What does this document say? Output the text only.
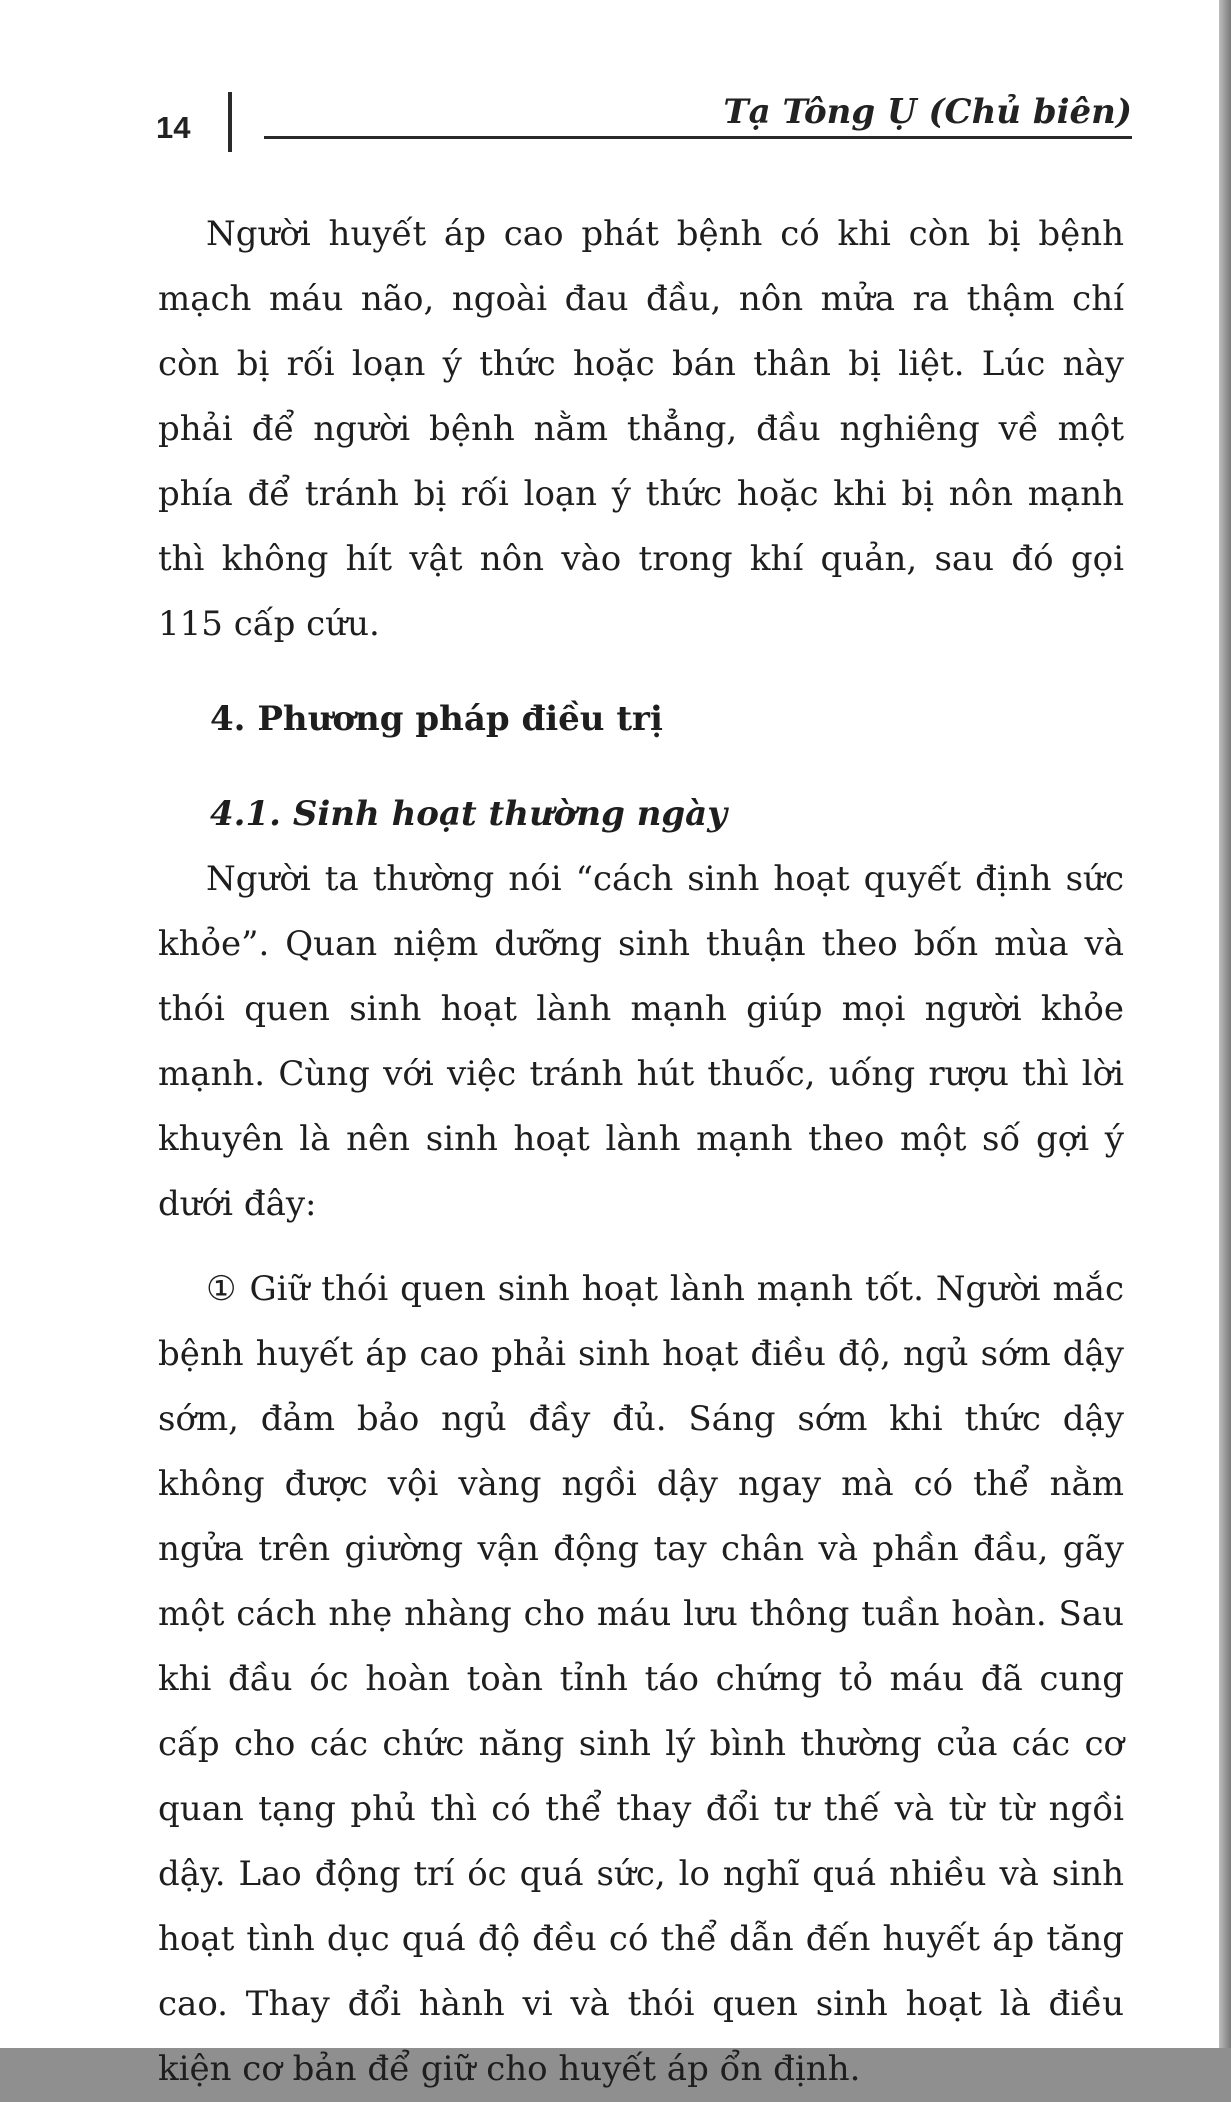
14	Tạ Tông Ụ (Chủ biên)

Người huyết áp cao phát bệnh có khi còn bị bệnh mạch máu não, ngoài đau đầu, nôn mửa ra thậm chí còn bị rối loạn ý thức hoặc bán thân bị liệt. Lúc này phải để người bệnh nằm thẳng, đầu nghiêng về một phía để tránh bị rối loạn ý thức hoặc khi bị nôn mạnh thì không hít vật nôn vào trong khí quản, sau đó gọi 115 cấp cứu.

4. Phương pháp điều trị
4.1. Sinh hoạt thường ngày

Người ta thường nói “cách sinh hoạt quyết định sức khỏe”. Quan niệm dưỡng sinh thuận theo bốn mùa và thói quen sinh hoạt lành mạnh giúp mọi người khỏe mạnh. Cùng với việc tránh hút thuốc, uống rượu thì lời khuyên là nên sinh hoạt lành mạnh theo một số gợi ý dưới đây:

① Giữ thói quen sinh hoạt lành mạnh tốt. Người mắc bệnh huyết áp cao phải sinh hoạt điều độ, ngủ sớm dậy sớm, đảm bảo ngủ đầy đủ. Sáng sớm khi thức dậy không được vội vàng ngồi dậy ngay mà có thể nằm ngửa trên giường vận động tay chân và phần đầu, gãy một cách nhẹ nhàng cho máu lưu thông tuần hoàn. Sau khi đầu óc hoàn toàn tỉnh táo chứng tỏ máu đã cung cấp cho các chức năng sinh lý bình thường của các cơ quan tạng phủ thì có thể thay đổi tư thế và từ từ ngồi dậy. Lao động trí óc quá sức, lo nghĩ quá nhiều và sinh hoạt tình dục quá độ đều có thể dẫn đến huyết áp tăng cao. Thay đổi hành vi và thói quen sinh hoạt là điều kiện cơ bản để giữ cho huyết áp ổn định.
